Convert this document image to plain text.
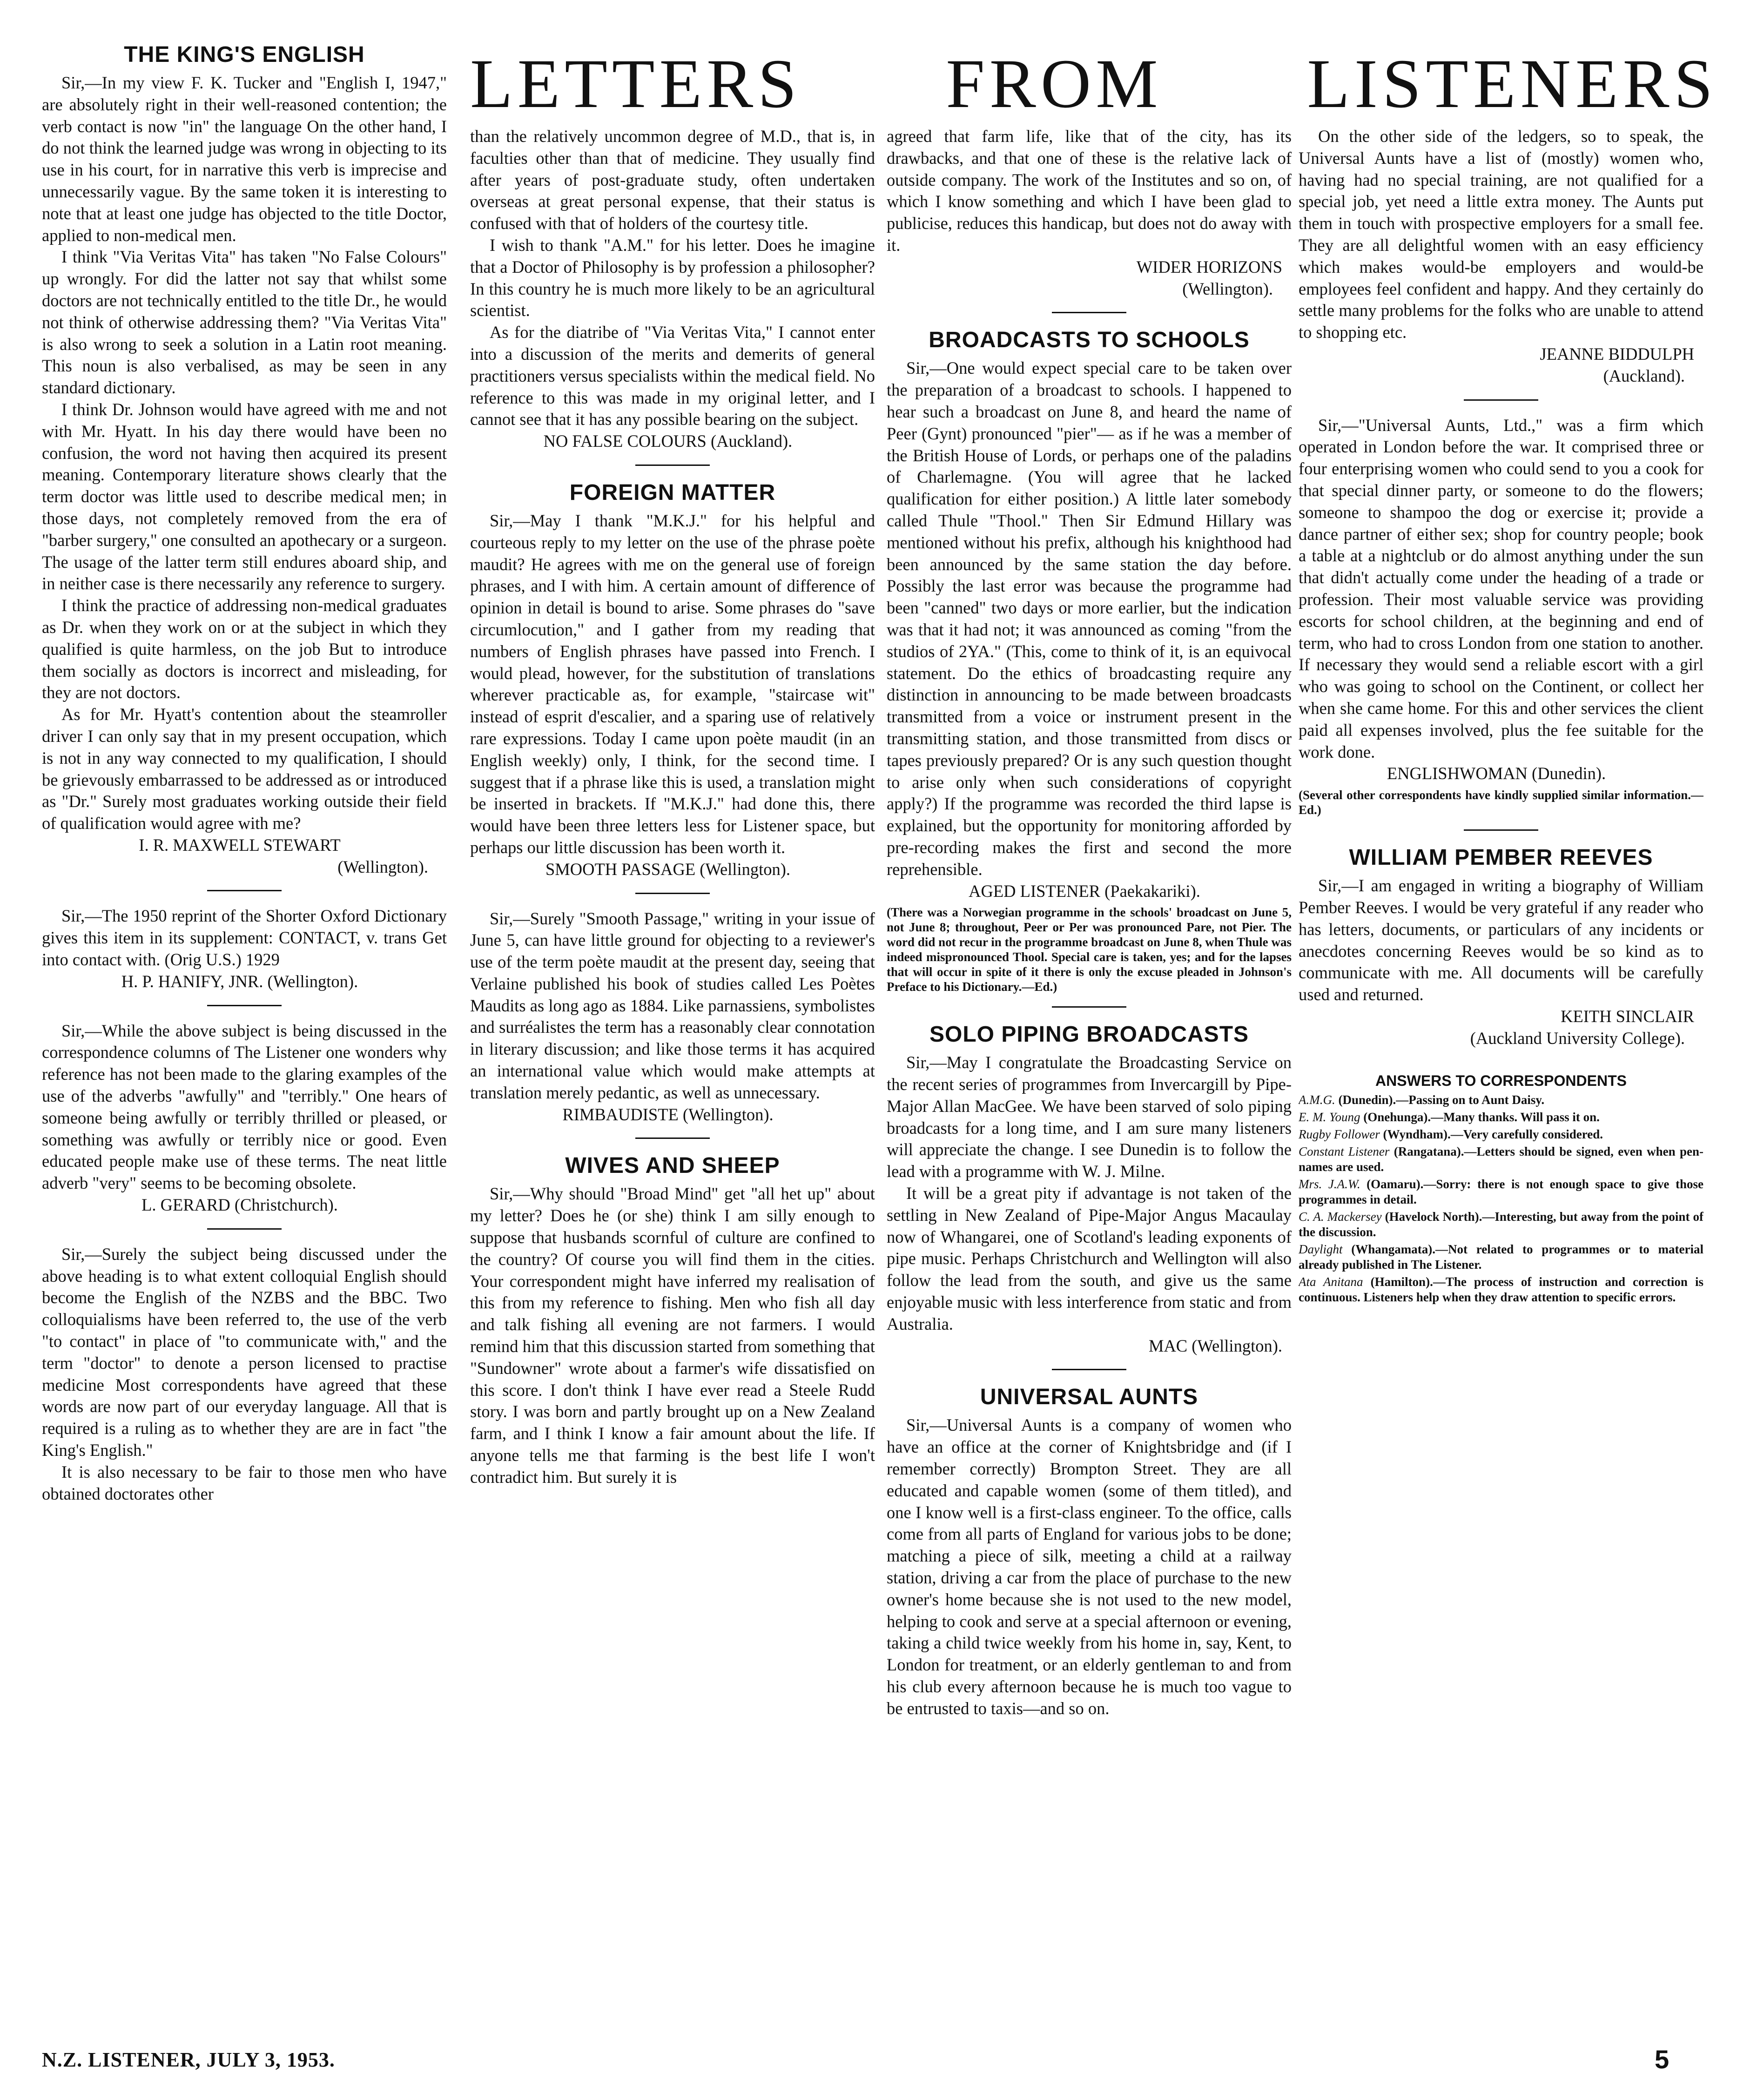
LETTERS FROM LISTENERS
THE KING'S ENGLISH

Sir,—In my view F. K. Tucker and "English I, 1947," are absolutely right in their well-reasoned contention; the verb contact is now "in" the language On the other hand, I do not think the learned judge was wrong in objecting to its use in his court, for in narrative this verb is imprecise and unnecessarily vague. By the same token it is interesting to note that at least one judge has objected to the title Doctor, applied to non-medical men.

I think "Via Veritas Vita" has taken "No False Colours" up wrongly. For did the latter not say that whilst some doctors are not technically entitled to the title Dr., he would not think of otherwise addressing them? "Via Veritas Vita" is also wrong to seek a solution in a Latin root meaning. This noun is also verbalised, as may be seen in any standard dictionary.

I think Dr. Johnson would have agreed with me and not with Mr. Hyatt. In his day there would have been no confusion, the word not having then acquired its present meaning. Contemporary literature shows clearly that the term doctor was little used to describe medical men; in those days, not completely removed from the era of "barber surgery," one consulted an apothecary or a surgeon. The usage of the latter term still endures aboard ship, and in neither case is there necessarily any reference to surgery.

I think the practice of addressing non-medical graduates as Dr. when they work on or at the subject in which they qualified is quite harmless, on the job But to introduce them socially as doctors is incorrect and misleading, for they are not doctors.

As for Mr. Hyatt's contention about the steamroller driver I can only say that in my present occupation, which is not in any way connected to my qualification, I should be grievously embarrassed to be addressed as or introduced as "Dr." Surely most graduates working outside their field of qualification would agree with me?

I. R. MAXWELL STEWART

(Wellington).

Sir,—The 1950 reprint of the Shorter Oxford Dictionary gives this item in its supplement: CONTACT, v. trans Get into contact with. (Orig U.S.) 1929

H. P. HANIFY, JNR. (Wellington).

Sir,—While the above subject is being discussed in the correspondence columns of The Listener one wonders why reference has not been made to the glaring examples of the use of the adverbs "awfully" and "terribly." One hears of someone being awfully or terribly thrilled or pleased, or something was awfully or terribly nice or good. Even educated people make use of these terms. The neat little adverb "very" seems to be becoming obsolete.

L. GERARD (Christchurch).

Sir,—Surely the subject being discussed under the above heading is to what extent colloquial English should become the English of the NZBS and the BBC. Two colloquialisms have been referred to, the use of the verb "to contact" in place of "to communicate with," and the term "doctor" to denote a person licensed to practise medicine Most correspondents have agreed that these words are now part of our everyday language. All that is required is a ruling as to whether they are are in fact "the King's English."

It is also necessary to be fair to those men who have obtained doctorates other

than the relatively uncommon degree of M.D., that is, in faculties other than that of medicine. They usually find after years of post-graduate study, often undertaken overseas at great personal expense, that their status is confused with that of holders of the courtesy title.

I wish to thank "A.M." for his letter. Does he imagine that a Doctor of Philosophy is by profession a philosopher? In this country he is much more likely to be an agricultural scientist.

As for the diatribe of "Via Veritas Vita," I cannot enter into a discussion of the merits and demerits of general practitioners versus specialists within the medical field. No reference to this was made in my original letter, and I cannot see that it has any possible bearing on the subject.

NO FALSE COLOURS (Auckland).

FOREIGN MATTER

Sir,—May I thank "M.K.J." for his helpful and courteous reply to my letter on the use of the phrase poète maudit? He agrees with me on the general use of foreign phrases, and I with him. A certain amount of difference of opinion in detail is bound to arise. Some phrases do "save circumlocution," and I gather from my reading that numbers of English phrases have passed into French. I would plead, however, for the substitution of translations wherever practicable as, for example, "staircase wit" instead of esprit d'escalier, and a sparing use of relatively rare expressions. Today I came upon poète maudit (in an English weekly) only, I think, for the second time. I suggest that if a phrase like this is used, a translation might be inserted in brackets. If "M.K.J." had done this, there would have been three letters less for Listener space, but perhaps our little discussion has been worth it.

SMOOTH PASSAGE (Wellington).

Sir,—Surely "Smooth Passage," writing in your issue of June 5, can have little ground for objecting to a reviewer's use of the term poète maudit at the present day, seeing that Verlaine published his book of studies called Les Poètes Maudits as long ago as 1884. Like parnassiens, symbolistes and surréalistes the term has a reasonably clear connotation in literary discussion; and like those terms it has acquired an international value which would make attempts at translation merely pedantic, as well as unnecessary.

RIMBAUDISTE (Wellington).

WIVES AND SHEEP

Sir,—Why should "Broad Mind" get "all het up" about my letter? Does he (or she) think I am silly enough to suppose that husbands scornful of culture are confined to the country? Of course you will find them in the cities. Your correspondent might have inferred my realisation of this from my reference to fishing. Men who fish all day and talk fishing all evening are not farmers. I would remind him that this discussion started from something that "Sundowner" wrote about a farmer's wife dissatisfied on this score. I don't think I have ever read a Steele Rudd story. I was born and partly brought up on a New Zealand farm, and I think I know a fair amount about the life. If anyone tells me that farming is the best life I won't contradict him. But surely it is

agreed that farm life, like that of the city, has its drawbacks, and that one of these is the relative lack of outside company. The work of the Institutes and so on, of which I know something and which I have been glad to publicise, reduces this handicap, but does not do away with it.

WIDER HORIZONS

(Wellington).

BROADCASTS TO SCHOOLS

Sir,—One would expect special care to be taken over the preparation of a broadcast to schools. I happened to hear such a broadcast on June 8, and heard the name of Peer (Gynt) pronounced "pier"— as if he was a member of the British House of Lords, or perhaps one of the paladins of Charlemagne. (You will agree that he lacked qualification for either position.) A little later somebody called Thule "Thool." Then Sir Edmund Hillary was mentioned without his prefix, although his knighthood had been announced by the same station the day before. Possibly the last error was because the programme had been "canned" two days or more earlier, but the indication was that it had not; it was announced as coming "from the studios of 2YA." (This, come to think of it, is an equivocal statement. Do the ethics of broadcasting require any distinction in announcing to be made between broadcasts transmitted from a voice or instrument present in the transmitting station, and those transmitted from discs or tapes previously prepared? Or is any such question thought to arise only when such considerations of copyright apply?) If the programme was recorded the third lapse is explained, but the opportunity for monitoring afforded by pre-recording makes the first and second the more reprehensible.

AGED LISTENER (Paekakariki).

(There was a Norwegian programme in the schools' broadcast on June 5, not June 8; throughout, Peer or Per was pronounced Pare, not Pier. The word did not recur in the programme broadcast on June 8, when Thule was indeed mispronounced Thool. Special care is taken, yes; and for the lapses that will occur in spite of it there is only the excuse pleaded in Johnson's Preface to his Dictionary.—Ed.)

SOLO PIPING BROADCASTS

Sir,—May I congratulate the Broadcasting Service on the recent series of programmes from Invercargill by Pipe-Major Allan MacGee. We have been starved of solo piping broadcasts for a long time, and I am sure many listeners will appreciate the change. I see Dunedin is to follow the lead with a programme with W. J. Milne.

It will be a great pity if advantage is not taken of the settling in New Zealand of Pipe-Major Angus Macaulay now of Whangarei, one of Scotland's leading exponents of pipe music. Perhaps Christchurch and Wellington will also follow the lead from the south, and give us the same enjoyable music with less interference from static and from Australia.

MAC (Wellington).

UNIVERSAL AUNTS

Sir,—Universal Aunts is a company of women who have an office at the corner of Knightsbridge and (if I remember correctly) Brompton Street. They are all educated and capable women (some of them titled), and one I know well is a first-class engineer. To the office, calls come from all parts of England for various jobs to be done; matching a piece of silk, meeting a child at a railway station, driving a car from the place of purchase to the new owner's home because she is not used to the new model, helping to cook and serve at a special afternoon or evening, taking a child twice weekly from his home in, say, Kent, to London for treatment, or an elderly gentleman to and from his club every afternoon because he is much too vague to be entrusted to taxis—and so on.

On the other side of the ledgers, so to speak, the Universal Aunts have a list of (mostly) women who, having had no special training, are not qualified for a special job, yet need a little extra money. The Aunts put them in touch with prospective employers for a small fee. They are all delightful women with an easy efficiency which makes would-be employers and would-be employees feel confident and happy. And they certainly do settle many problems for the folks who are unable to attend to shopping etc.

JEANNE BIDDULPH

(Auckland).

Sir,—"Universal Aunts, Ltd.," was a firm which operated in London before the war. It comprised three or four enterprising women who could send to you a cook for that special dinner party, or someone to do the flowers; someone to shampoo the dog or exercise it; provide a dance partner of either sex; shop for country people; book a table at a nightclub or do almost anything under the sun that didn't actually come under the heading of a trade or profession. Their most valuable service was providing escorts for school children, at the beginning and end of term, who had to cross London from one station to another. If necessary they would send a reliable escort with a girl who was going to school on the Continent, or collect her when she came home. For this and other services the client paid all expenses involved, plus the fee suitable for the work done.

ENGLISHWOMAN (Dunedin).

(Several other correspondents have kindly supplied similar information.—Ed.)

WILLIAM PEMBER REEVES

Sir,—I am engaged in writing a biography of William Pember Reeves. I would be very grateful if any reader who has letters, documents, or particulars of any incidents or anecdotes concerning Reeves would be so kind as to communicate with me. All documents will be carefully used and returned.

KEITH SINCLAIR

(Auckland University College).

ANSWERS TO CORRESPONDENTS

A.M.G. (Dunedin).—Passing on to Aunt Daisy.

E. M. Young (Onehunga).—Many thanks. Will pass it on.

Rugby Follower (Wyndham).—Very carefully considered.

Constant Listener (Rangatana).—Letters should be signed, even when pen-names are used.

Mrs. J.A.W. (Oamaru).—Sorry: there is not enough space to give those programmes in detail.

C. A. Mackersey (Havelock North).—Interesting, but away from the point of the discussion.

Daylight (Whangamata).—Not related to programmes or to material already published in The Listener.

Ata Anitana (Hamilton).—The process of instruction and correction is continuous. Listeners help when they draw attention to specific errors.

N.Z. LISTENER, JULY 3, 1953.	5
